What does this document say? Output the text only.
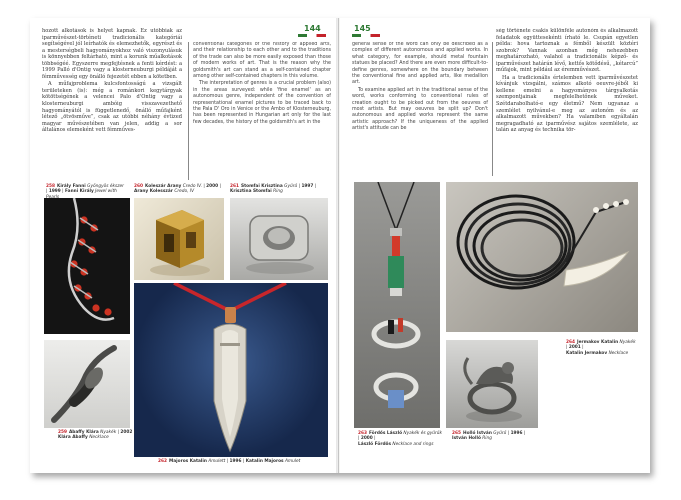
144

hozott alkotások is helyet kapnak. Ez utóbbiak az iparművészet-történeti tradicionális kategóriái segítségével jól leírhatók és elemezhetők, egyrészt és a mesterségbeli hagyományokhoz való viszonyulásuk is könnyebben feltárható, mint a korunk műalkotások többségéé. Egyszerre megfejtésnek a fenti kérdést: a 1999 Palló d'Ontig vagy a klosterneuburgi példáját a fémművesség egy önálló fejezetét ebben a kötetben.

A műfajproblema kulcsfontosságú a vizsgált területeken (is): még a románkori kegytárgyak kötöttségének a velencei Palo d'Ontig vagy a klosterneuburgi ambóig visszavezethető hagyományától is függetlenedő, önálló műfajként létező „ötvösműve”, csak az utóbbi néhány évtized magyar művészetében van jelen, addig a sor általános elemeként vett fémműves-

conventional categories of the history of applied arts, and their relationship to each other and to the traditions of the trade can also be more easily exposed than those of modern works of art. That is the reason why the goldsmith's art can stand as a self-contained chapter among other self-contained chapters in this volume.

The interpretation of genres is a crucial problem (also) in the areas surveyed: while 'fine enamel' as an autonomous genre, independent of the convention of representational enamel pictures to be traced back to the Pala D' Oro in Venice or the Ambo of Klosterneuburg, has been represented in Hungarian art only for the last few decades, the history of the goldsmith's art in the

258 Király Fanni Gyöngyös ékszer
| 1999 | Fanni Király Jewel with
260 Koleszár Arany Credo IV. | 2000 |
Arany Kolesszár Credo, IV
261 Stomfai Krisztina Gyűrű | 1997 |
Krisztina Stomfai Ring
259 Abaffy Klára Nyakék | 2002 |
Klára Abaffy Necklace
262 Majoros Katalin Amulett | 1996 | Katalin Majoros Amulet
145

general sense of the word can only be described as a complex of different autonomous and applied works. In what category, for example, should metal fountain statues be placed? And there are even more difficult-to-define genres, somewhere on the boundary between the conventional fine and applied arts, like medallion art.

To examine applied art in the traditional sense of the word, works conforming to conventional rules of creation ought to be picked out from the oeuvres of most artists. But may oeuvres be split up? Don't autonomous and applied works represent the same artistic approach? If the uniqueness of the applied artist's attitude can be

ség története csakis különféle autonóm és alkalmazott feladatok együttesekénti írható le. Csupán egyetlen példa: hova tartoznak a fémből készült köztéri szobrok? Vannak azonban még nehezebben meghatározható, valahol a tradicionális képző- és iparművészet határán lévő, kettős kötődésű, „kétarcú” műfajok, mint például az éremművészet.

Ha a tradicionális értelemben vett iparművészetet kívánjuk vizsgálni, számos alkotó oeuvre-jéből ki kellene emelni a hagyományos tárgyalkotás szempontjainak megfelelhetőnek műveket. Szétdarabolható-e egy életmű? Nem ugyanaz a szemlélet nyilvánul-e meg az autonóm és az alkalmazott művekben? Ha valamiben egyáltalán megragadható az iparművész sajátos szemlélete, az talán az anyag és technika tör-

264 Jermakov Katalin Nyakék
| 2001 |
Katalin Jermakov Necklace
263 Fördős László Nyakék és gyűrűk
| 2000 |
László Fördős Necklace and rings
265 Holló István Gyűrű | 1996 |
István Holló Ring
